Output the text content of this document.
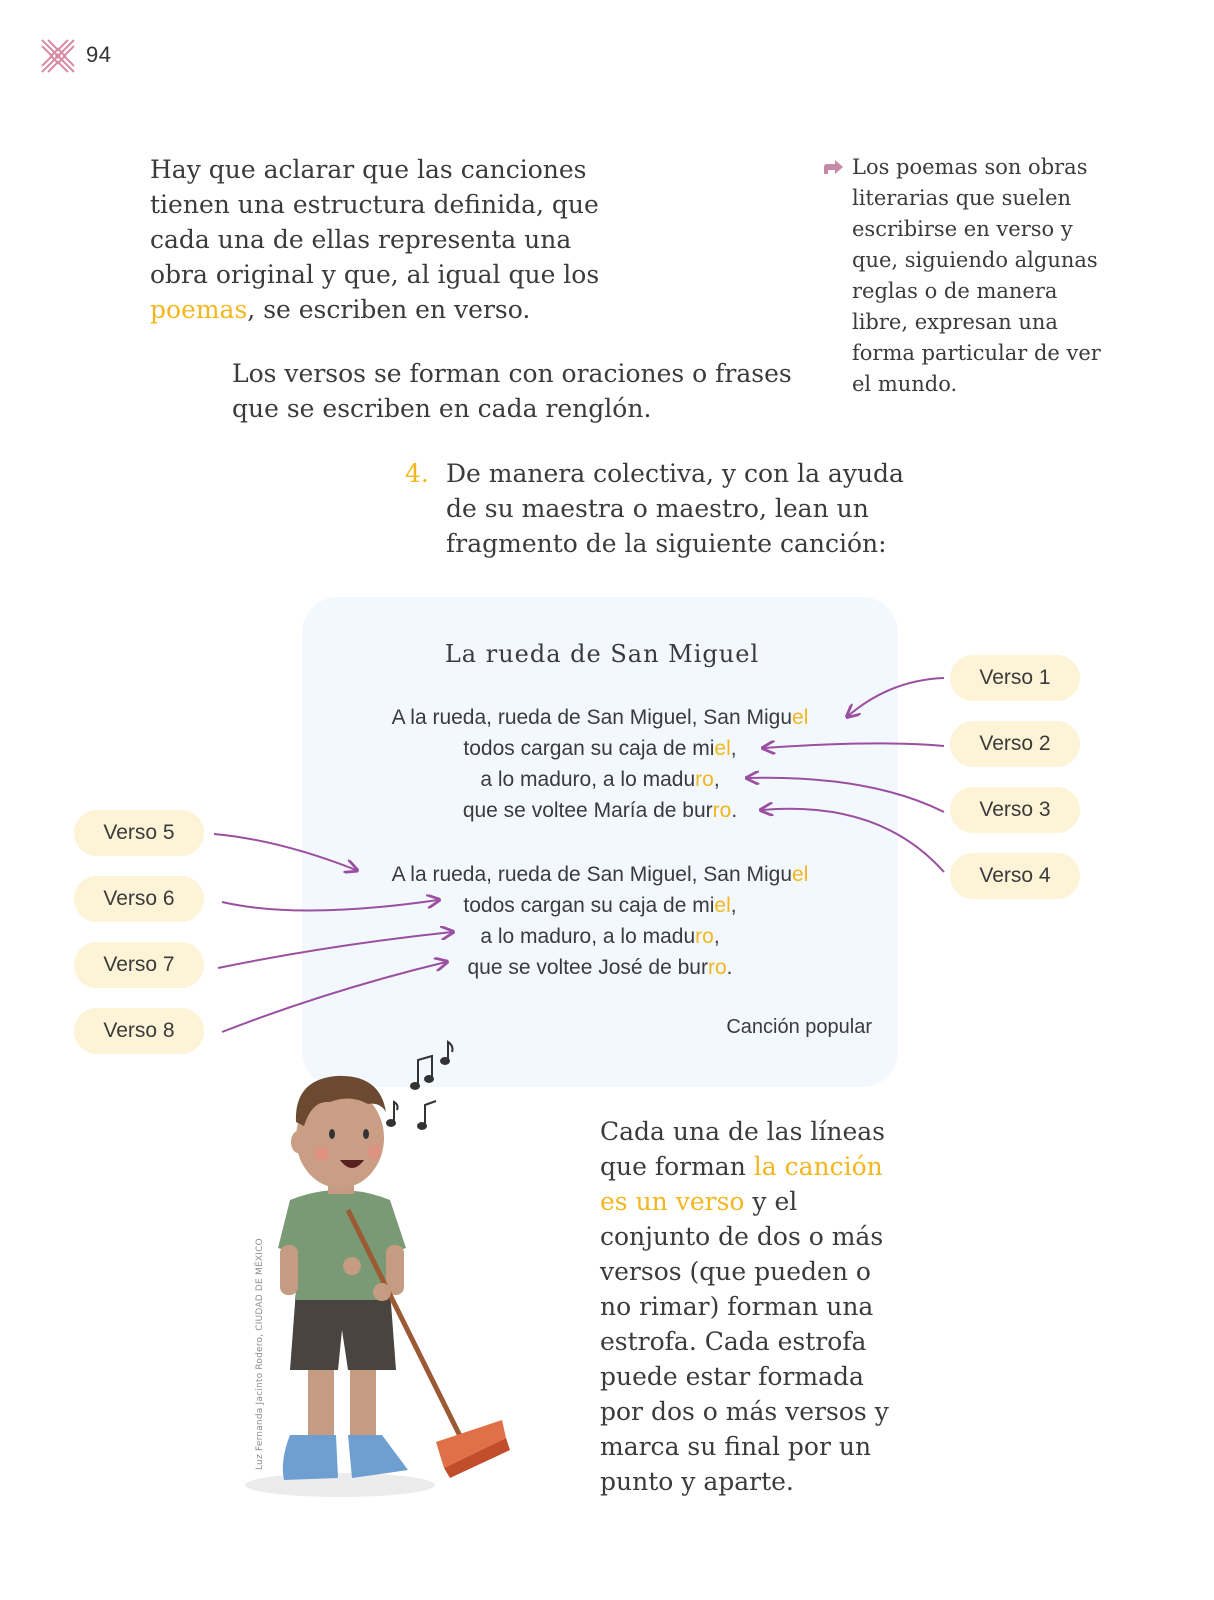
94
Hay que aclarar que las canciones tienen una estructura definida, que cada una de ellas representa una obra original y que, al igual que los poemas, se escriben en verso.
Los versos se forman con oraciones o frases que se escriben en cada renglón.
Los poemas son obras literarias que suelen escribirse en verso y que, siguiendo algunas reglas o de manera libre, expresan una forma particular de ver el mundo.
4. De manera colectiva, y con la ayuda de su maestra o maestro, lean un fragmento de la siguiente canción:
La rueda de San Miguel
A la rueda, rueda de San Miguel, San Miguel
todos cargan su caja de miel,
a lo maduro, a lo maduro,
que se voltee María de burro.
A la rueda, rueda de San Miguel, San Miguel
todos cargan su caja de miel,
a lo maduro, a lo maduro,
que se voltee José de burro.
Canción popular
Verso 1
Verso 2
Verso 3
Verso 4
Verso 5
Verso 6
Verso 7
Verso 8
Luz Fernanda Jacinto Rodero, CIUDAD DE MÉXICO
Cada una de las líneas que forman la canción es un verso y el conjunto de dos o más versos (que pueden o no rimar) forman una estrofa. Cada estrofa puede estar formada por dos o más versos y marca su final por un punto y aparte.
